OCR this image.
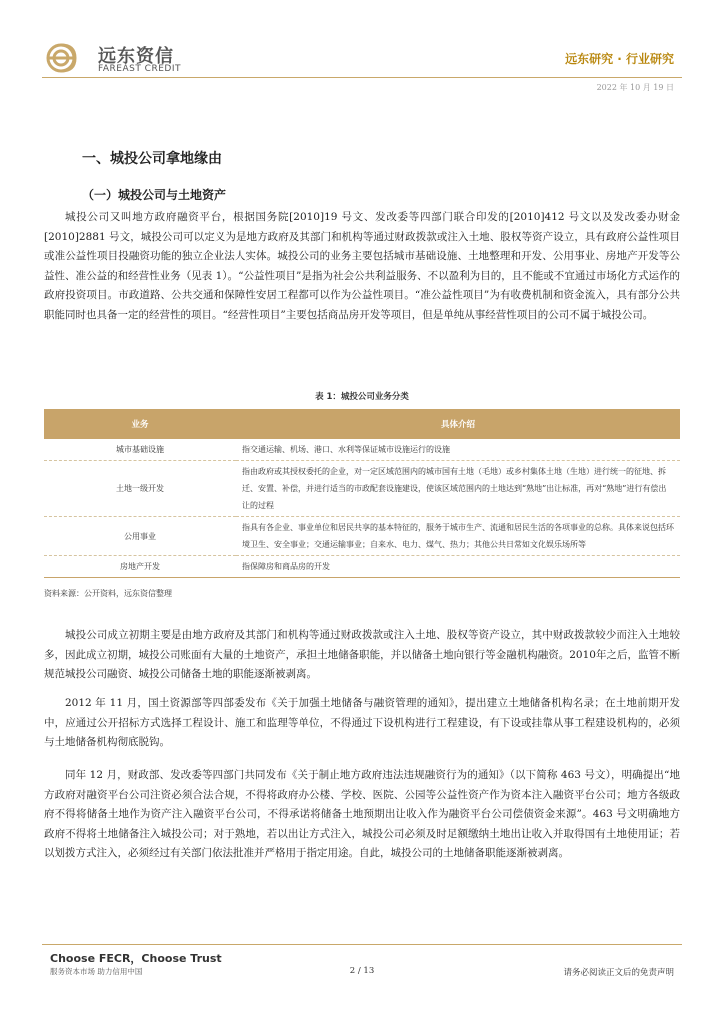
远东资信
FAREAST CREDIT
远东研究 · 行业研究
2022 年 10 月 19 日
一、城投公司拿地缘由
（一）城投公司与土地资产

城投公司又叫地方政府融资平台，根据国务院[2010]19 号文、发改委等四部门联合印发的[2010]412 号文以及发改委办财金[2010]2881 号文，城投公司可以定义为是地方政府及其部门和机构等通过财政拨款或注入土地、股权等资产设立，具有政府公益性项目或准公益性项目投融资功能的独立企业法人实体。城投公司的业务主要包括城市基础设施、土地整理和开发、公用事业、房地产开发等公益性、准公益的和经营性业务（见表 1）。“公益性项目”是指为社会公共利益服务、不以盈利为目的，且不能或不宜通过市场化方式运作的政府投资项目。市政道路、公共交通和保障性安居工程都可以作为公益性项目。“准公益性项目”为有收费机制和资金流入，具有部分公共职能同时也具备一定的经营性的项目。“经营性项目”主要包括商品房开发等项目，但是单纯从事经营性项目的公司不属于城投公司。

表 1：城投公司业务分类
业务	具体介绍
城市基础设施	指交通运输、机场、港口、水利等保证城市设施运行的设施
土地一级开发	指由政府或其授权委托的企业，对一定区域范围内的城市国有土地（毛地）或乡村集体土地（生地）进行统一的征地、拆迁、安置、补偿，并进行适当的市政配套设施建设，使该区域范围内的土地达到“熟地”出让标准，再对“熟地”进行有偿出让的过程
公用事业	指具有各企业、事业单位和居民共享的基本特征的，服务于城市生产、流通和居民生活的各项事业的总称。具体来说包括环境卫生、安全事业；交通运输事业；自来水、电力、煤气、热力；其他公共日常如文化娱乐场所等
房地产开发	指保障房和商品房的开发
资料来源：公开资料，远东资信整理

城投公司成立初期主要是由地方政府及其部门和机构等通过财政拨款或注入土地、股权等资产设立，其中财政拨款较少而注入土地较多，因此成立初期，城投公司账面有大量的土地资产，承担土地储备职能，并以储备土地向银行等金融机构融资。2010年之后，监管不断规范城投公司融资、城投公司储备土地的职能逐渐被剥离。

2012 年 11 月，国土资源部等四部委发布《关于加强土地储备与融资管理的通知》，提出建立土地储备机构名录；在土地前期开发中，应通过公开招标方式选择工程设计、施工和监理等单位，不得通过下设机构进行工程建设，有下设或挂靠从事工程建设机构的，必须与土地储备机构彻底脱钩。

同年 12 月，财政部、发改委等四部门共同发布《关于制止地方政府违法违规融资行为的通知》（以下简称 463 号文），明确提出“地方政府对融资平台公司注资必须合法合规，不得将政府办公楼、学校、医院、公园等公益性资产作为资本注入融资平台公司；地方各级政府不得将储备土地作为资产注入融资平台公司，不得承诺将储备土地预期出让收入作为融资平台公司偿债资金来源”。463 号文明确地方政府不得将土地储备注入城投公司；对于熟地，若以出让方式注入，城投公司必须及时足额缴纳土地出让收入并取得国有土地使用证；若以划拨方式注入，必须经过有关部门依法批准并严格用于指定用途。自此，城投公司的土地储备职能逐渐被剥离。

Choose FECR，Choose Trust
服务资本市场 助力信用中国	2 / 13	请务必阅读正文后的免责声明
